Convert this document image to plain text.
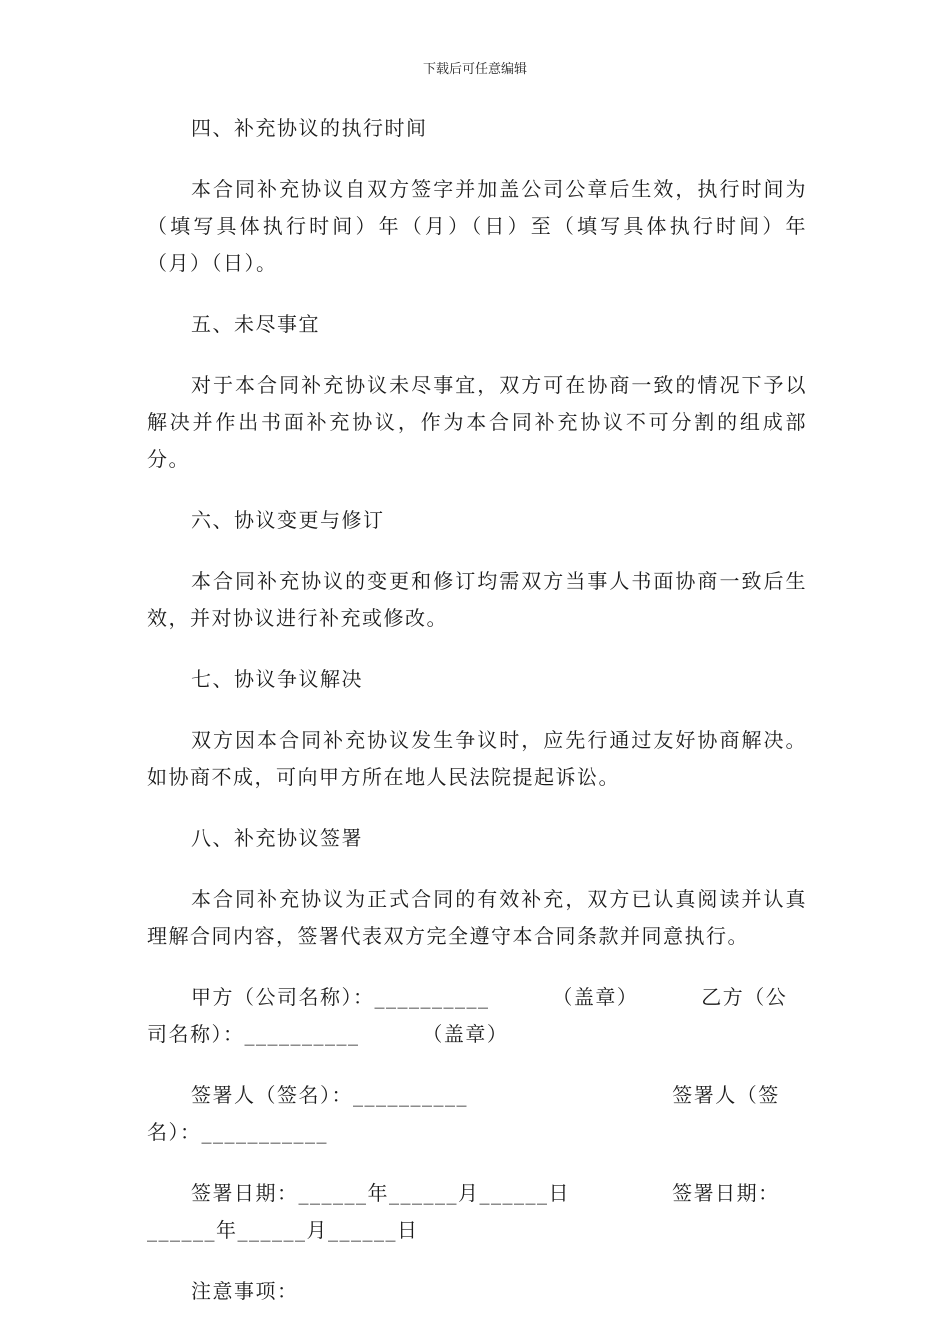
下载后可任意编辑

四、补充协议的执行时间

本合同补充协议自双方签字并加盖公司公章后生效，执行时间为（填写具体执行时间）年（月）（日）至（填写具体执行时间）年（月）（日）。

五、未尽事宜

对于本合同补充协议未尽事宜，双方可在协商一致的情况下予以解决并作出书面补充协议，作为本合同补充协议不可分割的组成部分。

六、协议变更与修订

本合同补充协议的变更和修订均需双方当事人书面协商一致后生效，并对协议进行补充或修改。

七、协议争议解决

双方因本合同补充协议发生争议时，应先行通过友好协商解决。如协商不成，可向甲方所在地人民法院提起诉讼。

八、补充协议签署

本合同补充协议为正式合同的有效补充，双方已认真阅读并认真理解合同内容，签署代表双方完全遵守本合同条款并同意执行。

甲方（公司名称）：__________        （盖章）        乙方（公司名称）：__________        （盖章）

签署人（签名）：__________                          签署人（签名）：___________

签署日期：______年______月______日             签署日期：______年______月______日

注意事项：
